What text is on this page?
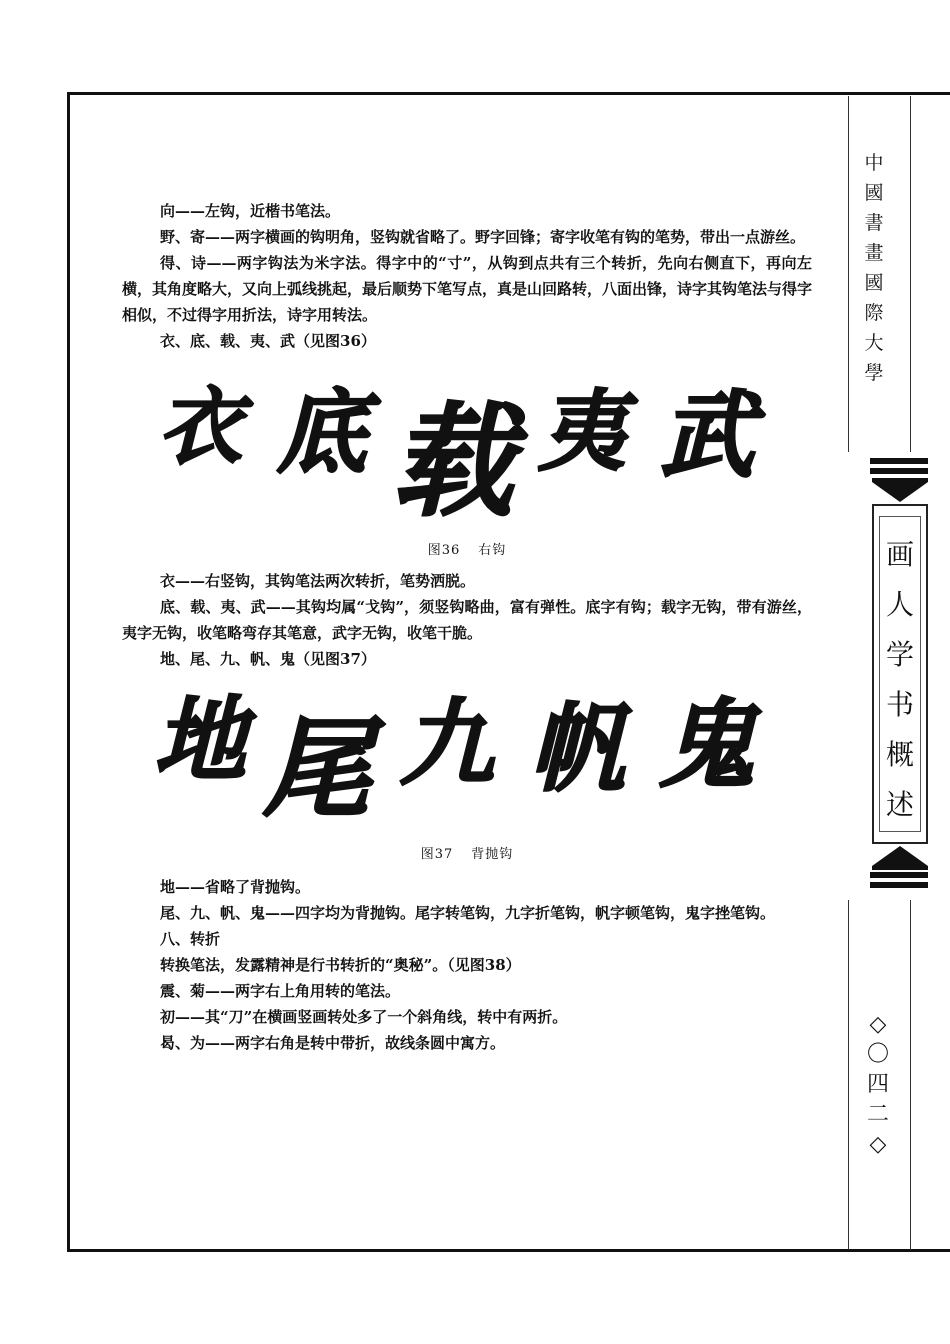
向——左钩，近楷书笔法。

野、寄——两字横画的钩明角，竖钩就省略了。野字回锋；寄字收笔有钩的笔势，带出一点游丝。

得、诗——两字钩法为米字法。得字中的“寸”，从钩到点共有三个转折，先向右侧直下，再向左横，其角度略大，又向上弧线挑起，最后顺势下笔写点，真是山回路转，八面出锋，诗字其钩笔法与得字相似，不过得字用折法，诗字用转法。

衣、底、载、夷、武（见图36）

衣 底 载 夷 武
图36 右钩

衣——右竖钩，其钩笔法两次转折，笔势洒脱。

底、载、夷、武——其钩均属“戈钩”，须竖钩略曲，富有弹性。底字有钩；载字无钩，带有游丝，夷字无钩，收笔略弯存其笔意，武字无钩，收笔干脆。

地、尾、九、帆、鬼（见图37）

地 尾 九 帆 鬼
图37 背抛钩

地——省略了背抛钩。

尾、九、帆、鬼——四字均为背抛钩。尾字转笔钩，九字折笔钩，帆字顿笔钩，鬼字挫笔钩。

八、转折

转换笔法，发露精神是行书转折的“奥秘”。（见图38）

震、菊——两字右上角用转的笔法。

初——其“刀”在横画竖画转处多了一个斜角线，转中有两折。

曷、为——两字右角是转中带折，故线条圆中寓方。

中
國
書
畫
國
際
大
學
画
人
学
书
概
述
◇
〇
四
二
◇
